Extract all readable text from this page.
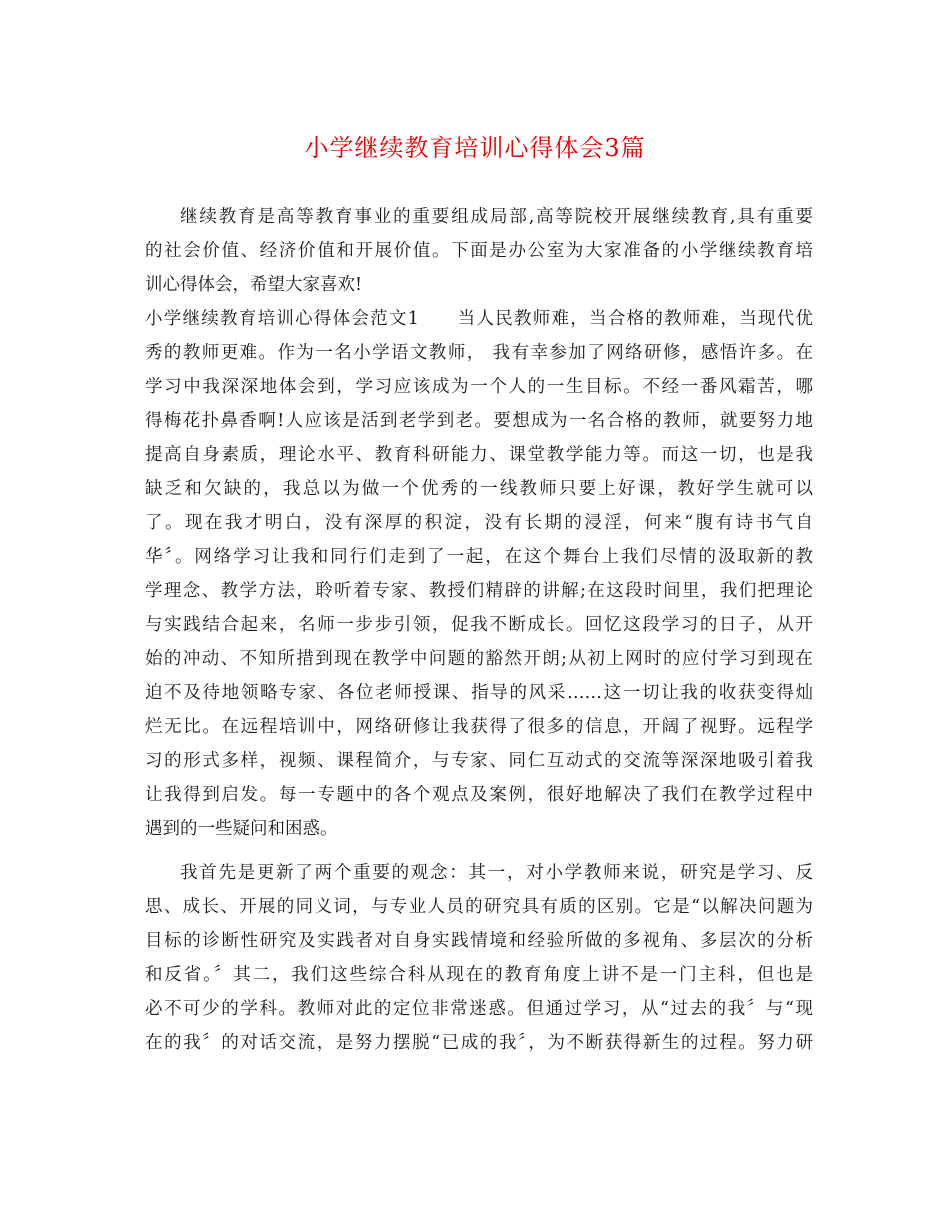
小学继续教育培训心得体会3篇
继续教育是高等教育事业的重要组成局部,高等院校开展继续教育,具有重要
的社会价值、经济价值和开展价值。下面是办公室为大家准备的小学继续教育培
训心得体会，希望大家喜欢!
小学继续教育培训心得体会范文1　　当人民教师难，当合格的教师难，当现代优
秀的教师更难。作为一名小学语文教师， 我有幸参加了网络研修，感悟许多。在
学习中我深深地体会到，学习应该成为一个人的一生目标。不经一番风霜苦，哪
得梅花扑鼻香啊!人应该是活到老学到老。要想成为一名合格的教师，就要努力地
提高自身素质，理论水平、教育科研能力、课堂教学能力等。而这一切，也是我
缺乏和欠缺的，我总以为做一个优秀的一线教师只要上好课，教好学生就可以
了。现在我才明白，没有深厚的积淀，没有长期的浸淫，何来“腹有诗书气自
华〞。网络学习让我和同行们走到了一起，在这个舞台上我们尽情的汲取新的教
学理念、教学方法，聆听着专家、教授们精辟的讲解;在这段时间里，我们把理论
与实践结合起来，名师一步步引领，促我不断成长。回忆这段学习的日子，从开
始的冲动、不知所措到现在教学中问题的豁然开朗;从初上网时的应付学习到现在
迫不及待地领略专家、各位老师授课、指导的风采……这一切让我的收获变得灿
烂无比。在远程培训中，网络研修让我获得了很多的信息，开阔了视野。远程学
习的形式多样，视频、课程简介，与专家、同仁互动式的交流等深深地吸引着我
让我得到启发。每一专题中的各个观点及案例，很好地解决了我们在教学过程中
遇到的一些疑问和困惑。
我首先是更新了两个重要的观念：其一，对小学教师来说，研究是学习、反
思、成长、开展的同义词，与专业人员的研究具有质的区别。它是“以解决问题为
目标的诊断性研究及实践者对自身实践情境和经验所做的多视角、多层次的分析
和反省。〞其二，我们这些综合科从现在的教育角度上讲不是一门主科，但也是
必不可少的学科。教师对此的定位非常迷惑。但通过学习，从“过去的我〞与“现
在的我〞的对话交流，是努力摆脱“已成的我〞，为不断获得新生的过程。努力研
